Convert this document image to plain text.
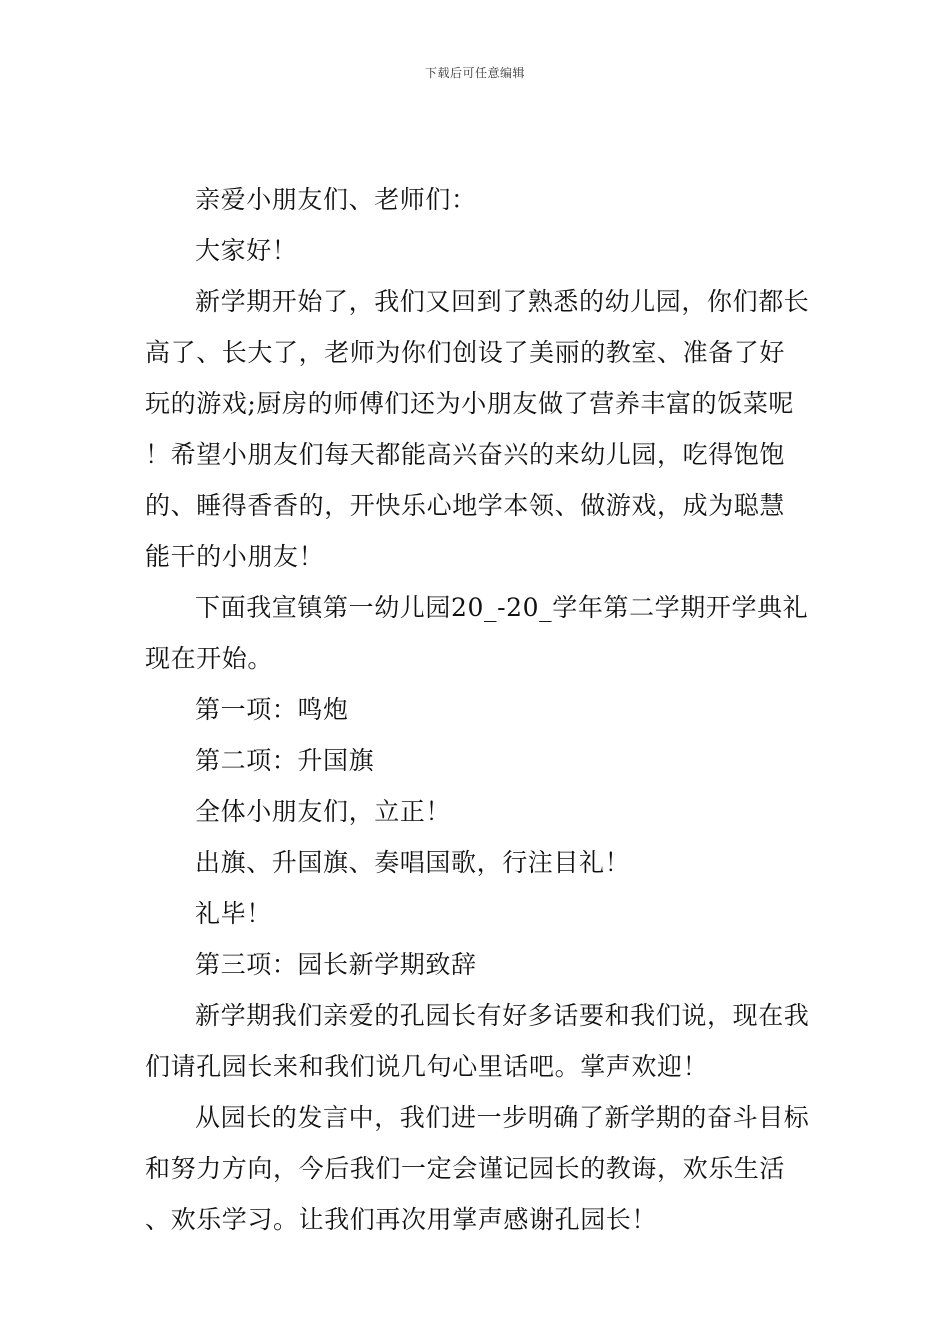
下载后可任意编辑

亲爱小朋友们、老师们：

大家好！

新学期开始了，我们又回到了熟悉的幼儿园，你们都长高了、长大了，老师为你们创设了美丽的教室、准备了好玩的游戏;厨房的师傅们还为小朋友做了营养丰富的饭菜呢！希望小朋友们每天都能高兴奋兴的来幼儿园，吃得饱饱的、睡得香香的，开快乐心地学本领、做游戏，成为聪慧能干的小朋友！

下面我宣镇第一幼儿园20_-20_学年第二学期开学典礼现在开始。

第一项：鸣炮

第二项：升国旗

全体小朋友们，立正！

出旗、升国旗、奏唱国歌，行注目礼！

礼毕！

第三项：园长新学期致辞

新学期我们亲爱的孔园长有好多话要和我们说，现在我们请孔园长来和我们说几句心里话吧。掌声欢迎！

从园长的发言中，我们进一步明确了新学期的奋斗目标和努力方向，今后我们一定会谨记园长的教诲，欢乐生活、欢乐学习。让我们再次用掌声感谢孔园长！
